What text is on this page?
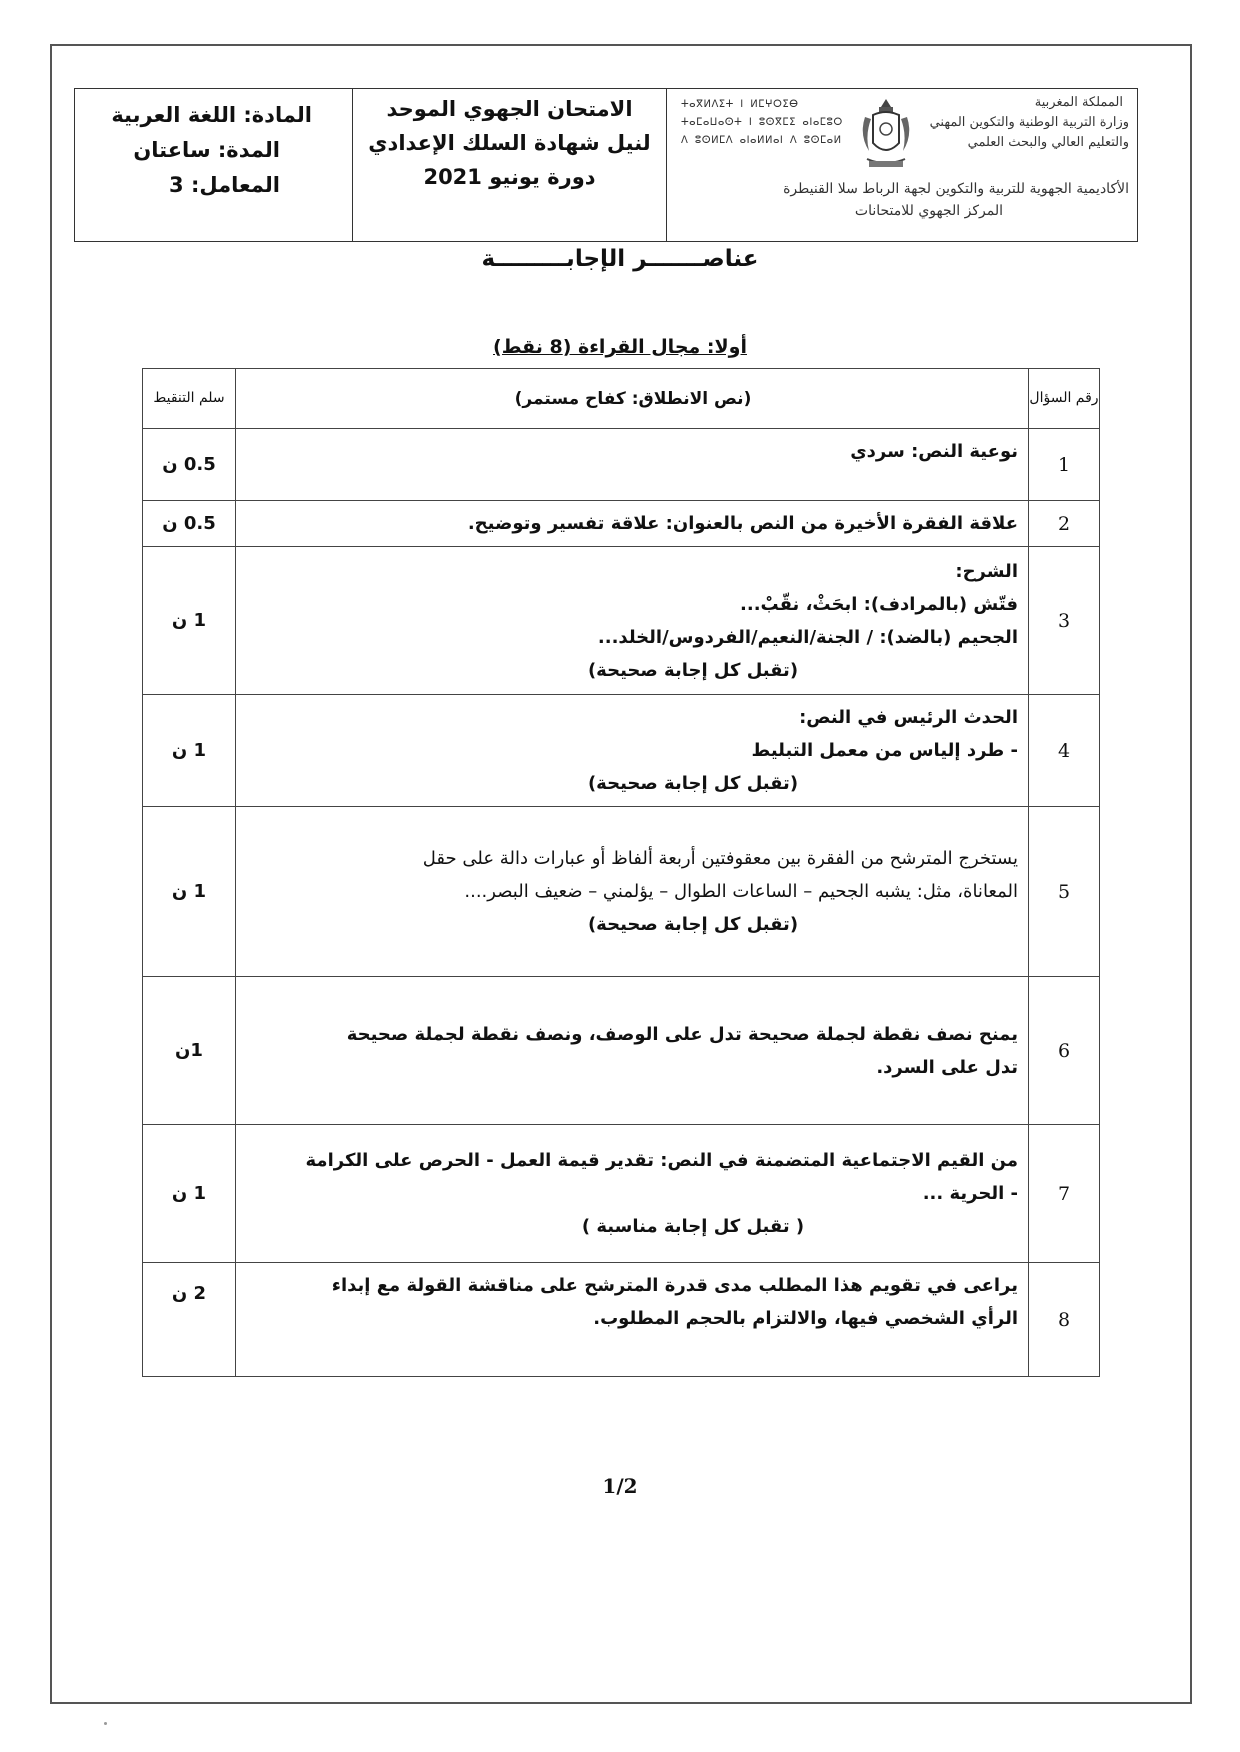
المادة: اللغة العربية
المدة: ساعتان
المعامل: 3
الامتحان الجهوي الموحد
لنيل شهادة السلك الإعدادي
دورة يونيو 2021
ⵜⴰⴳⵍⴷⵉⵜ ⵏ ⵍⵎⵖⵔⵉⴱ
ⵜⴰⵎⴰⵡⴰⵙⵜ ⵏ ⵓⵙⴳⵎⵉ ⴰⵏⴰⵎⵓⵔ
ⴷ ⵓⵙⵍⵎⴷ ⴰⵏⴰⵍⵍⴰⵏ ⴷ ⵓⵙⵎⴰⵍ
المملكة المغربية
وزارة التربية الوطنية والتكوين المهني
والتعليم العالي والبحث العلمي
الأكاديمية الجهوية للتربية والتكوين لجهة الرباط سلا القنيطرة
المركز الجهوي للامتحانات
عناصـــــــر الإجابـــــــــة
أولا: مجال القراءة (8 نقط)
رقم السؤال	(نص الانطلاق: كفاح مستمر)	سلم التنقيط
1	نوعية النص: سردي	0.5 ن
2	علاقة الفقرة الأخيرة من النص بالعنوان: علاقة تفسير وتوضيح.	0.5 ن
3	الشرح:
فتّش (بالمرادف): ابحَثْ، نقّبْ...
الجحيم (بالضد): / الجنة/النعيم/الفردوس/الخلد...
(تقبل كل إجابة صحيحة)	1 ن
4	الحدث الرئيس في النص:
- طرد إلياس من معمل التبليط
(تقبل كل إجابة صحيحة)	1 ن
5	يستخرج المترشح من الفقرة بين معقوفتين أربعة ألفاظ أو عبارات دالة على حقل
المعاناة، مثل: يشبه الجحيم – الساعات الطوال – يؤلمني – ضعيف البصر....
(تقبل كل إجابة صحيحة)	1 ن
6	يمنح نصف نقطة لجملة صحيحة تدل على الوصف، ونصف نقطة لجملة صحيحة
تدل على السرد.	1ن
7	من القيم الاجتماعية المتضمنة في النص: تقدير قيمة العمل - الحرص على الكرامة
- الحرية ...
( تقبل كل إجابة مناسبة )	1 ن
8	يراعى في تقويم هذا المطلب مدى قدرة المترشح على مناقشة القولة مع إبداء
الرأي الشخصي فيها، والالتزام بالحجم المطلوب.	2 ن
1/2
